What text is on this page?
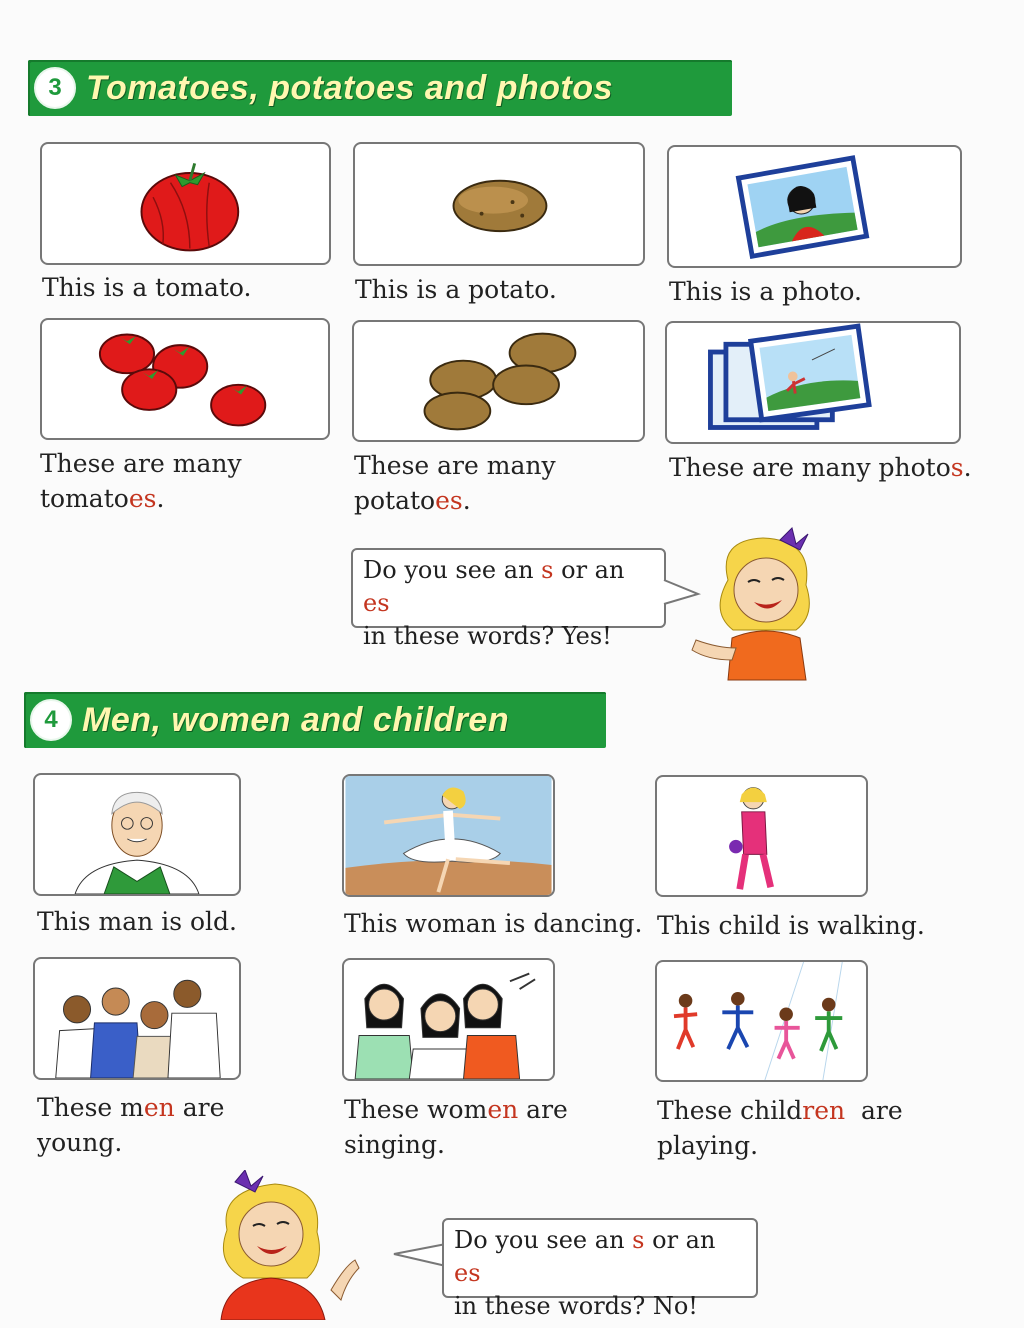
3 Tomatoes, potatoes and photos
This is a tomato.	This is a potato.	This is a photo.
These are many
tomatoes.
These are many
potatoes.
These are many photos.
Do you see an s or an es
in these words? Yes!
4 Men, women and children
This man is old.	This woman is dancing. This child is walking.
These men are
young.
These women are
singing.
These children  are
playing.
Do you see an s or an es
in these words? No!
